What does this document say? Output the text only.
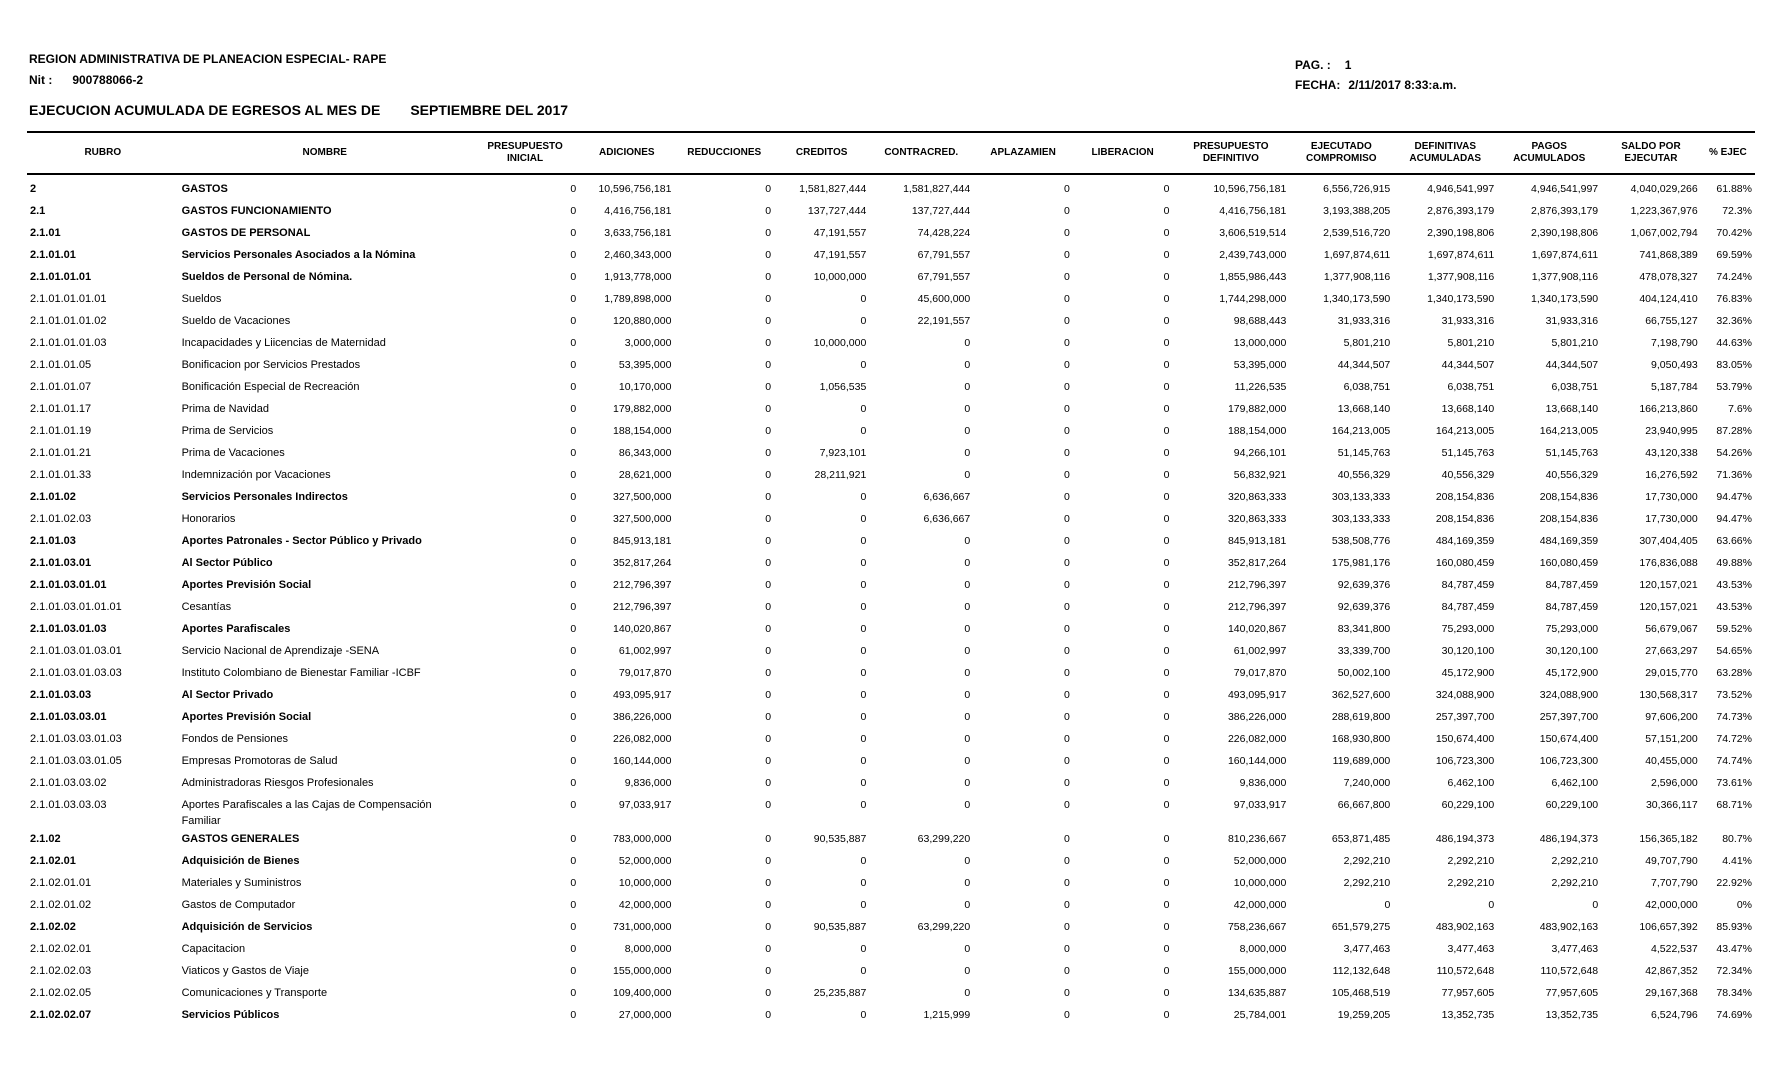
REGION ADMINISTRATIVA DE PLANEACION ESPECIAL- RAPE
Nit : 900788066-2
EJECUCION ACUMULADA DE EGRESOS AL MES DE SEPTIEMBRE DEL 2017
PAG. : 1
FECHA: 2/11/2017 8:33:a.m.
RUBRO	NOMBRE	PRESUPUESTO INICIAL	ADICIONES	REDUCCIONES	CREDITOS	CONTRACRED.	APLAZAMIEN	LIBERACION	PRESUPUESTO DEFINITIVO	EJECUTADO COMPROMISO	DEFINITIVAS ACUMULADAS	PAGOS ACUMULADOS	SALDO POR EJECUTAR	% EJEC
2	GASTOS	0	10,596,756,181	0	1,581,827,444	1,581,827,444	0	0	10,596,756,181	6,556,726,915	4,946,541,997	4,946,541,997	4,040,029,266	61.88%
2.1	GASTOS FUNCIONAMIENTO	0	4,416,756,181	0	137,727,444	137,727,444	0	0	4,416,756,181	3,193,388,205	2,876,393,179	2,876,393,179	1,223,367,976	72.3%
2.1.01	GASTOS DE PERSONAL	0	3,633,756,181	0	47,191,557	74,428,224	0	0	3,606,519,514	2,539,516,720	2,390,198,806	2,390,198,806	1,067,002,794	70.42%
2.1.01.01	Servicios Personales Asociados a la Nómina	0	2,460,343,000	0	47,191,557	67,791,557	0	0	2,439,743,000	1,697,874,611	1,697,874,611	1,697,874,611	741,868,389	69.59%
2.1.01.01.01	Sueldos de Personal de Nómina.	0	1,913,778,000	0	10,000,000	67,791,557	0	0	1,855,986,443	1,377,908,116	1,377,908,116	1,377,908,116	478,078,327	74.24%
2.1.01.01.01.01	Sueldos	0	1,789,898,000	0	0	45,600,000	0	0	1,744,298,000	1,340,173,590	1,340,173,590	1,340,173,590	404,124,410	76.83%
2.1.01.01.01.02	Sueldo de Vacaciones	0	120,880,000	0	0	22,191,557	0	0	98,688,443	31,933,316	31,933,316	31,933,316	66,755,127	32.36%
2.1.01.01.01.03	Incapacidades y Liicencias de Maternidad	0	3,000,000	0	10,000,000	0	0	0	13,000,000	5,801,210	5,801,210	5,801,210	7,198,790	44.63%
2.1.01.01.05	Bonificacion por Servicios Prestados	0	53,395,000	0	0	0	0	0	53,395,000	44,344,507	44,344,507	44,344,507	9,050,493	83.05%
2.1.01.01.07	Bonificación Especial de Recreación	0	10,170,000	0	1,056,535	0	0	0	11,226,535	6,038,751	6,038,751	6,038,751	5,187,784	53.79%
2.1.01.01.17	Prima de Navidad	0	179,882,000	0	0	0	0	0	179,882,000	13,668,140	13,668,140	13,668,140	166,213,860	7.6%
2.1.01.01.19	Prima de Servicios	0	188,154,000	0	0	0	0	0	188,154,000	164,213,005	164,213,005	164,213,005	23,940,995	87.28%
2.1.01.01.21	Prima de Vacaciones	0	86,343,000	0	7,923,101	0	0	0	94,266,101	51,145,763	51,145,763	51,145,763	43,120,338	54.26%
2.1.01.01.33	Indemnización por Vacaciones	0	28,621,000	0	28,211,921	0	0	0	56,832,921	40,556,329	40,556,329	40,556,329	16,276,592	71.36%
2.1.01.02	Servicios Personales Indirectos	0	327,500,000	0	0	6,636,667	0	0	320,863,333	303,133,333	208,154,836	208,154,836	17,730,000	94.47%
2.1.01.02.03	Honorarios	0	327,500,000	0	0	6,636,667	0	0	320,863,333	303,133,333	208,154,836	208,154,836	17,730,000	94.47%
2.1.01.03	Aportes Patronales - Sector Público y Privado	0	845,913,181	0	0	0	0	0	845,913,181	538,508,776	484,169,359	484,169,359	307,404,405	63.66%
2.1.01.03.01	Al Sector Público	0	352,817,264	0	0	0	0	0	352,817,264	175,981,176	160,080,459	160,080,459	176,836,088	49.88%
2.1.01.03.01.01	Aportes Previsión Social	0	212,796,397	0	0	0	0	0	212,796,397	92,639,376	84,787,459	84,787,459	120,157,021	43.53%
2.1.01.03.01.01.01	Cesantías	0	212,796,397	0	0	0	0	0	212,796,397	92,639,376	84,787,459	84,787,459	120,157,021	43.53%
2.1.01.03.01.03	Aportes Parafiscales	0	140,020,867	0	0	0	0	0	140,020,867	83,341,800	75,293,000	75,293,000	56,679,067	59.52%
2.1.01.03.01.03.01	Servicio Nacional de Aprendizaje -SENA	0	61,002,997	0	0	0	0	0	61,002,997	33,339,700	30,120,100	30,120,100	27,663,297	54.65%
2.1.01.03.01.03.03	Instituto Colombiano de Bienestar Familiar -ICBF	0	79,017,870	0	0	0	0	0	79,017,870	50,002,100	45,172,900	45,172,900	29,015,770	63.28%
2.1.01.03.03	Al Sector Privado	0	493,095,917	0	0	0	0	0	493,095,917	362,527,600	324,088,900	324,088,900	130,568,317	73.52%
2.1.01.03.03.01	Aportes Previsión Social	0	386,226,000	0	0	0	0	0	386,226,000	288,619,800	257,397,700	257,397,700	97,606,200	74.73%
2.1.01.03.03.01.03	Fondos de Pensiones	0	226,082,000	0	0	0	0	0	226,082,000	168,930,800	150,674,400	150,674,400	57,151,200	74.72%
2.1.01.03.03.01.05	Empresas Promotoras de Salud	0	160,144,000	0	0	0	0	0	160,144,000	119,689,000	106,723,300	106,723,300	40,455,000	74.74%
2.1.01.03.03.02	Administradoras Riesgos Profesionales	0	9,836,000	0	0	0	0	0	9,836,000	7,240,000	6,462,100	6,462,100	2,596,000	73.61%
2.1.01.03.03.03	Aportes Parafiscales a las Cajas de Compensación Familiar	0	97,033,917	0	0	0	0	0	97,033,917	66,667,800	60,229,100	60,229,100	30,366,117	68.71%
2.1.02	GASTOS GENERALES	0	783,000,000	0	90,535,887	63,299,220	0	0	810,236,667	653,871,485	486,194,373	486,194,373	156,365,182	80.7%
2.1.02.01	Adquisición de Bienes	0	52,000,000	0	0	0	0	0	52,000,000	2,292,210	2,292,210	2,292,210	49,707,790	4.41%
2.1.02.01.01	Materiales y Suministros	0	10,000,000	0	0	0	0	0	10,000,000	2,292,210	2,292,210	2,292,210	7,707,790	22.92%
2.1.02.01.02	Gastos de Computador	0	42,000,000	0	0	0	0	0	42,000,000	0	0	0	42,000,000	0%
2.1.02.02	Adquisición de Servicios	0	731,000,000	0	90,535,887	63,299,220	0	0	758,236,667	651,579,275	483,902,163	483,902,163	106,657,392	85.93%
2.1.02.02.01	Capacitacion	0	8,000,000	0	0	0	0	0	8,000,000	3,477,463	3,477,463	3,477,463	4,522,537	43.47%
2.1.02.02.03	Viaticos y Gastos de Viaje	0	155,000,000	0	0	0	0	0	155,000,000	112,132,648	110,572,648	110,572,648	42,867,352	72.34%
2.1.02.02.05	Comunicaciones y Transporte	0	109,400,000	0	25,235,887	0	0	0	134,635,887	105,468,519	77,957,605	77,957,605	29,167,368	78.34%
2.1.02.02.07	Servicios Públicos	0	27,000,000	0	0	1,215,999	0	0	25,784,001	19,259,205	13,352,735	13,352,735	6,524,796	74.69%
